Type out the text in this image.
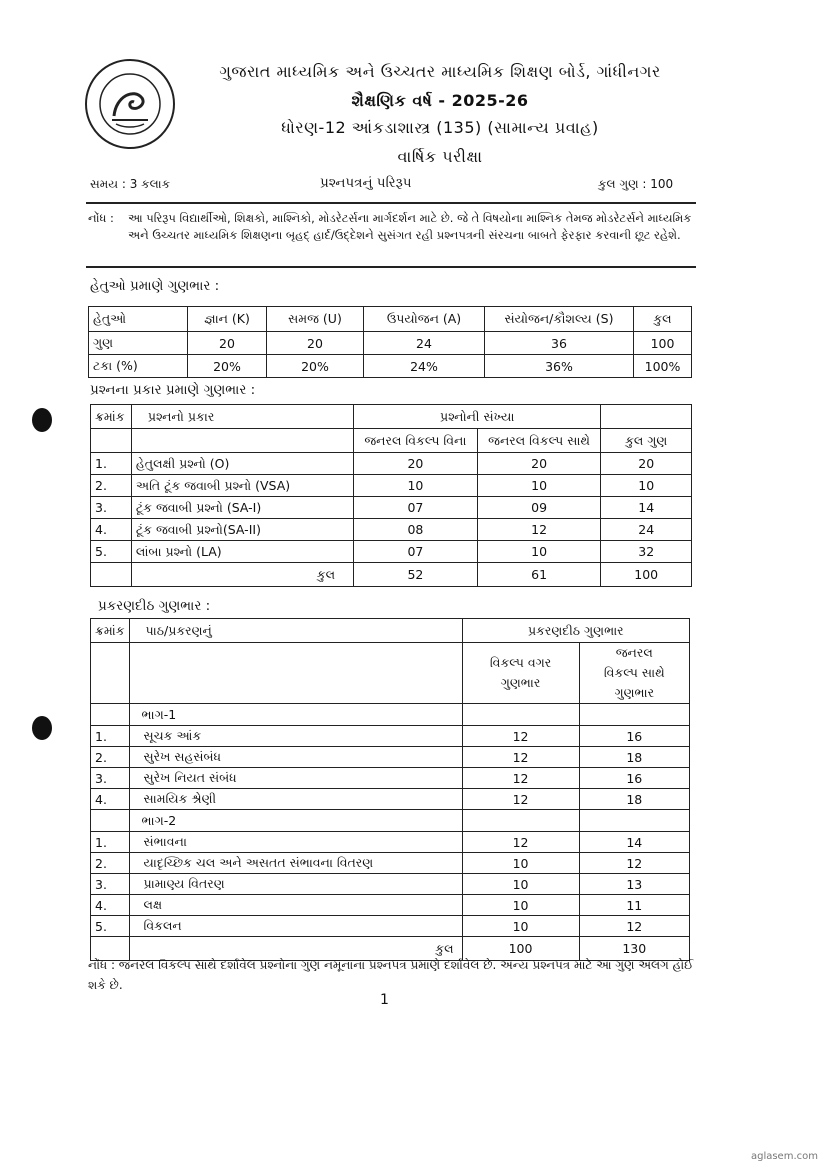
ગુજરાત માધ્યમિક અને ઉચ્ચતર માધ્યમિક શિક્ષણ બોર્ડ, ગાંધીનગર
શૈક્ષણિક વર્ષ - 2025-26
ધોરણ-12 આંકડાશાસ્ત્ર (135) (સામાન્ય પ્રવાહ)
વાર્ષિક પરીક્ષા
સમય : 3 કલાક	પ્રશ્નપત્રનું પરિરૂપ	કુલ ગુણ : 100
નોંધ : આ પરિરૂપ વિદ્યાર્થીઓ, શિક્ષકો, માશ્નિકો, મોડરેટર્સના માર્ગદર્શન માટે છે. જે તે વિષયોના માશ્નિક તેમજ મોડરેટર્સને માધ્યમિક અને ઉચ્ચતર માધ્યમિક શિક્ષણના બૃહદ્ હાર્દ/ઉદ્દેશને સુસંગત રહી પ્રશ્નપત્રની સંરચના બાબતે ફેરફાર કરવાની છૂટ રહેશે.
હેતુઓ પ્રમાણે ગુણભાર :
હેતુઓ	જ્ઞાન (K)	સમજ (U)	ઉપયોજન (A)	સંયોજન/કૌશલ્ય (S)	કુલ
ગુણ	20	20	24	36	100
ટકા (%)	20%	20%	24%	36%	100%
પ્રશ્નના પ્રકાર પ્રમાણે ગુણભાર :
ક્રમાંક	પ્રશ્નનો પ્રકાર	પ્રશ્નોની સંખ્યા		
		જનરલ વિકલ્પ વિના	જનરલ વિકલ્પ સાથે	કુલ ગુણ
1.	હેતુલક્ષી પ્રશ્નો (O)	20	20	20
2.	અતિ ટૂંક જવાબી પ્રશ્નો (VSA)	10	10	10
3.	ટૂંક જવાબી પ્રશ્નો (SA-I)	07	09	14
4.	ટૂંક જવાબી પ્રશ્નો(SA-II)	08	12	24
5.	લાંબા પ્રશ્નો (LA)	07	10	32
	કુલ	52	61	100
પ્રકરણદીઠ ગુણભાર :
ક્રમાંક	પાઠ/પ્રકરણનું	પ્રકરણદીઠ ગુણભાર	
		વિકલ્પ વગર ગુણભાર	જનરલ વિકલ્પ સાથે ગુણભાર
	ભાગ-1		
1.	સૂચક આંક	12	16
2.	સુરેખ સહસંબંધ	12	18
3.	સુરેખ નિયત સંબંધ	12	16
4.	સામયિક શ્રેણી	12	18
	ભાગ-2		
1.	સંભાવના	12	14
2.	યાદૃચ્છિક ચલ અને અસતત સંભાવના વિતરણ	10	12
3.	પ્રામાણ્ય વિતરણ	10	13
4.	લક્ષ	10	11
5.	વિકલન	10	12
	કુલ	100	130
નોંધ : જનરલ વિકલ્પ સાથે દર્શાવેલ પ્રશ્નોના ગુણ નમૂનાના પ્રશ્નપત્ર પ્રમાણે દર્શાવેલ છે. અન્ય પ્રશ્નપત્ર માટે આ ગુણ અલગ હોઈ શકે છે.
1
aglasem.com
